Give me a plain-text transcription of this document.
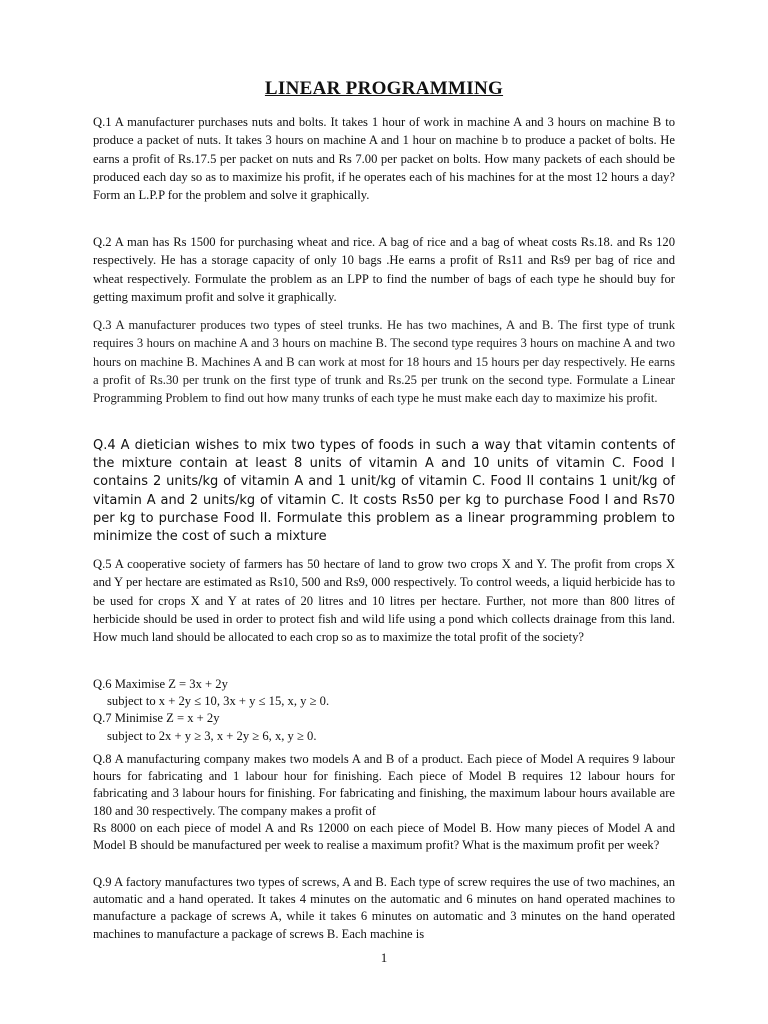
LINEAR PROGRAMMING
Q.1 A manufacturer purchases nuts and bolts. It takes 1 hour of work in machine A and 3 hours on machine B to produce a packet of nuts. It takes 3 hours on machine A and 1 hour on machine b to produce a packet of bolts. He earns a profit of Rs.17.5 per packet on nuts and Rs 7.00 per packet on bolts. How many packets of each should be produced each day so as to maximize his profit, if he operates each of his machines for at the most 12 hours a day? Form an L.P.P for the problem and solve it graphically.
Q.2 A man has Rs 1500 for purchasing wheat and rice. A bag of rice and a bag of wheat costs Rs.18. and Rs 120 respectively. He has a storage capacity of only 10 bags .He earns a profit of Rs11 and Rs9 per bag of rice and wheat respectively. Formulate the problem as an LPP to find the number of bags of each type he should buy for getting maximum profit and solve it graphically.
Q.3 A manufacturer produces two types of steel trunks. He has two machines, A and B. The first type of trunk requires 3 hours on machine A and 3 hours on machine B. The second type requires 3 hours on machine A and two hours on machine B. Machines A and B can work at most for 18 hours and 15 hours per day respectively. He earns a profit of Rs.30 per trunk on the first type of trunk and Rs.25 per trunk on the second type. Formulate a Linear Programming Problem to find out how many trunks of each type he must make each day to maximize his profit.
Q.4 A dietician wishes to mix two types of foods in such a way that vitamin contents of the mixture contain at least 8 units of vitamin A and 10 units of vitamin C. Food I contains 2 units/kg of vitamin A and 1 unit/kg of vitamin C. Food II contains 1 unit/kg of vitamin A and 2 units/kg of vitamin C. It costs Rs50 per kg to purchase Food I and Rs70 per kg to purchase Food II. Formulate this problem as a linear programming problem to minimize the cost of such a mixture
Q.5 A cooperative society of farmers has 50 hectare of land to grow two crops X and Y. The profit from crops X and Y per hectare are estimated as Rs10, 500 and Rs9, 000 respectively. To control weeds, a liquid herbicide has to be used for crops X and Y at rates of 20 litres and 10 litres per hectare. Further, not more than 800 litres of herbicide should be used in order to protect fish and wild life using a pond which collects drainage from this land. How much land should be allocated to each crop so as to maximize the total profit of the society?
Q.6 Maximise Z = 3x + 2y
subject to x + 2y ≤ 10, 3x + y ≤ 15, x, y ≥ 0.
Q.7 Minimise Z = x + 2y
subject to 2x + y ≥ 3, x + 2y ≥ 6, x, y ≥ 0.
Q.8 A manufacturing company makes two models A and B of a product. Each piece of Model A requires 9 labour hours for fabricating and 1 labour hour for finishing. Each piece of Model B requires 12 labour hours for fabricating and 3 labour hours for finishing. For fabricating and finishing, the maximum labour hours available are 180 and 30 respectively. The company makes a profit of
Rs 8000 on each piece of model A and Rs 12000 on each piece of Model B. How many pieces of Model A and Model B should be manufactured per week to realise a maximum profit? What is the maximum profit per week?
Q.9 A factory manufactures two types of screws, A and B. Each type of screw requires the use of two machines, an automatic and a hand operated. It takes 4 minutes on the automatic and 6 minutes on hand operated machines to manufacture a package of screws A, while it takes 6 minutes on automatic and 3 minutes on the hand operated machines to manufacture a package of screws B. Each machine is
1
